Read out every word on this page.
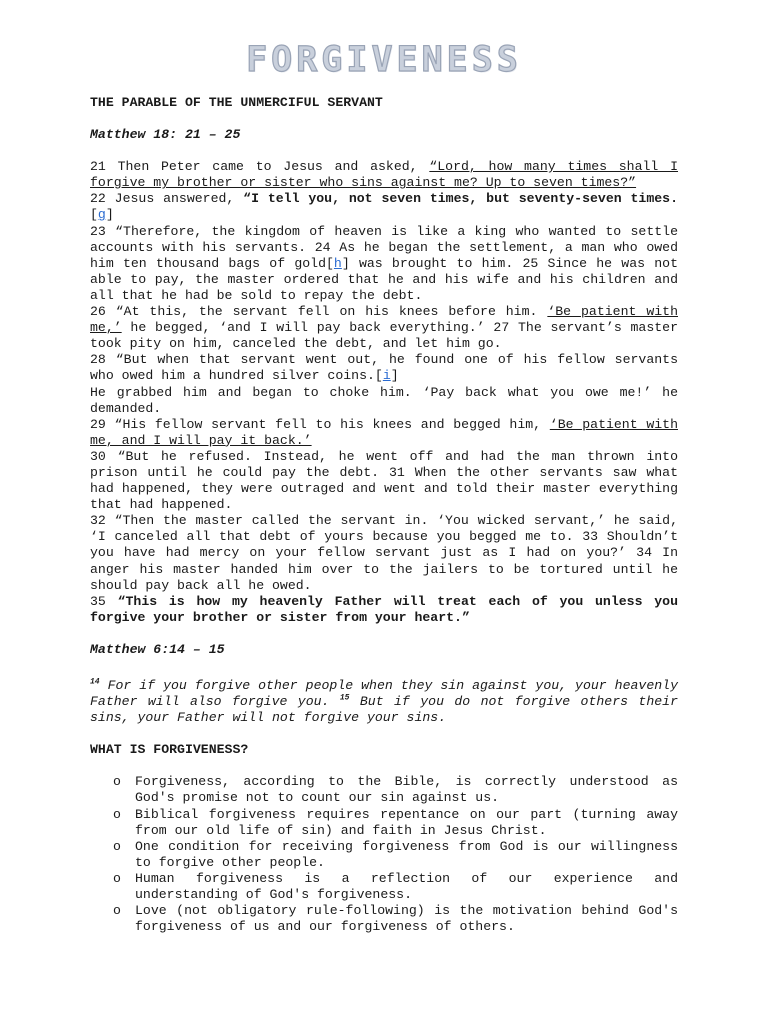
FORGIVENESS

THE PARABLE OF THE UNMERCIFUL SERVANT

Matthew 18: 21 – 25

21 Then Peter came to Jesus and asked, “Lord, how many times shall I forgive my brother or sister who sins against me? Up to seven times?”

22 Jesus answered, “I tell you, not seven times, but seventy-seven times.[g]

23 “Therefore, the kingdom of heaven is like a king who wanted to settle accounts with his servants. 24 As he began the settlement, a man who owed him ten thousand bags of gold[h] was brought to him. 25 Since he was not able to pay, the master ordered that he and his wife and his children and all that he had be sold to repay the debt.

26 “At this, the servant fell on his knees before him. ‘Be patient with me,’ he begged, ‘and I will pay back everything.’ 27 The servant’s master took pity on him, canceled the debt, and let him go.

28 “But when that servant went out, he found one of his fellow servants who owed him a hundred silver coins.[i]

He grabbed him and began to choke him. ‘Pay back what you owe me!’ he demanded.

29 “His fellow servant fell to his knees and begged him, ‘Be patient with me, and I will pay it back.’

30 “But he refused. Instead, he went off and had the man thrown into prison until he could pay the debt. 31 When the other servants saw what had happened, they were outraged and went and told their master everything that had happened.

32 “Then the master called the servant in. ‘You wicked servant,’ he said, ‘I canceled all that debt of yours because you begged me to. 33 Shouldn’t you have had mercy on your fellow servant just as I had on you?’ 34 In anger his master handed him over to the jailers to be tortured until he should pay back all he owed.

35 “This is how my heavenly Father will treat each of you unless you forgive your brother or sister from your heart.”

Matthew 6:14 – 15

$^{14}$ For if you forgive other people when they sin against you, your heavenly Father will also forgive you. $^{15}$ But if you do not forgive others their sins, your Father will not forgive your sins.

WHAT IS FORGIVENESS?

o Forgiveness, according to the Bible, is correctly understood as God's promise not to count our sin against us.
o Biblical forgiveness requires repentance on our part (turning away from our old life of sin) and faith in Jesus Christ.
o One condition for receiving forgiveness from God is our willingness to forgive other people.
o Human forgiveness is a reflection of our experience and understanding of God's forgiveness.
o Love (not obligatory rule-following) is the motivation behind God's forgiveness of us and our forgiveness of others.
